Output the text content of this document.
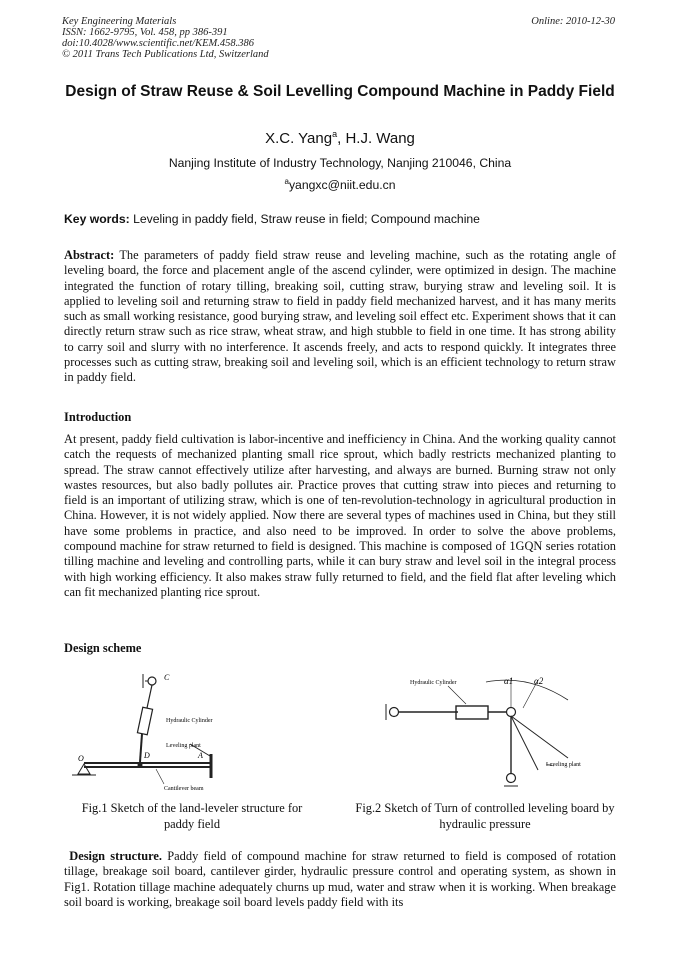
Key Engineering Materials
ISSN: 1662-9795, Vol. 458, pp 386-391
doi:10.4028/www.scientific.net/KEM.458.386
© 2011 Trans Tech Publications Ltd, Switzerland
Online: 2010-12-30
Design of Straw Reuse & Soil Levelling Compound Machine in Paddy Field
X.C. Yang$^a$, H.J. Wang
Nanjing Institute of Industry Technology, Nanjing 210046, China
$^a$yangxc@niit.edu.cn
Key words: Leveling in paddy field, Straw reuse in field; Compound machine
Abstract: The parameters of paddy field straw reuse and leveling machine, such as the rotating angle of leveling board, the force and placement angle of the ascend cylinder, were optimized in design. The machine integrated the function of rotary tilling, breaking soil, cutting straw, burying straw and leveling soil. It is applied to leveling soil and returning straw to field in paddy field mechanized harvest, and it has many merits such as small working resistance, good burying straw, and leveling soil effect etc. Experiment shows that it can directly return straw such as rice straw, wheat straw, and high stubble to field in one time. It has strong ability to carry soil and slurry with no interference. It ascends freely, and acts to respond quickly. It integrates three processes such as cutting straw, breaking soil and leveling soil, which is an efficient technology to return straw in paddy field.
Introduction
At present, paddy field cultivation is labor-incentive and inefficiency in China. And the working quality cannot catch the requests of mechanized planting small rice sprout, which badly restricts mechanized planting to spread. The straw cannot effectively utilize after harvesting, and always are burned. Burning straw not only wastes resources, but also badly pollutes air. Practice proves that cutting straw into pieces and returning to field is an important of utilizing straw, which is one of ten-revolution-technology in agricultural production in China. However, it is not widely applied. Now there are several types of machines used in China, but they still have some problems in practice, and also need to be improved. In order to solve the above problems, compound machine for straw returned to field is designed. This machine is composed of 1GQN series rotation tilling machine and leveling and controlling parts, while it can bury straw and level soil in the integral process with high working efficiency. It also makes straw fully returned to field, and the field flat after leveling which can fit mechanized planting rice sprout.
Design scheme
C
Hydraulic Cylinder
O	D	A
Leveling plant
Cantilever beam
Fig.1 Sketch of the land-leveler structure for paddy field
Hydraulic Cylinder	α1 α2
Leveling plant
Fig.2 Sketch of Turn of controlled leveling board by hydraulic pressure
Design structure. Paddy field of compound machine for straw returned to field is composed of rotation tillage, breakage soil board, cantilever girder, hydraulic pressure control and operating system, as shown in Fig1. Rotation tillage machine adequately churns up mud, water and straw when it is working. When breakage soil board is working, breakage soil board levels paddy field with its
